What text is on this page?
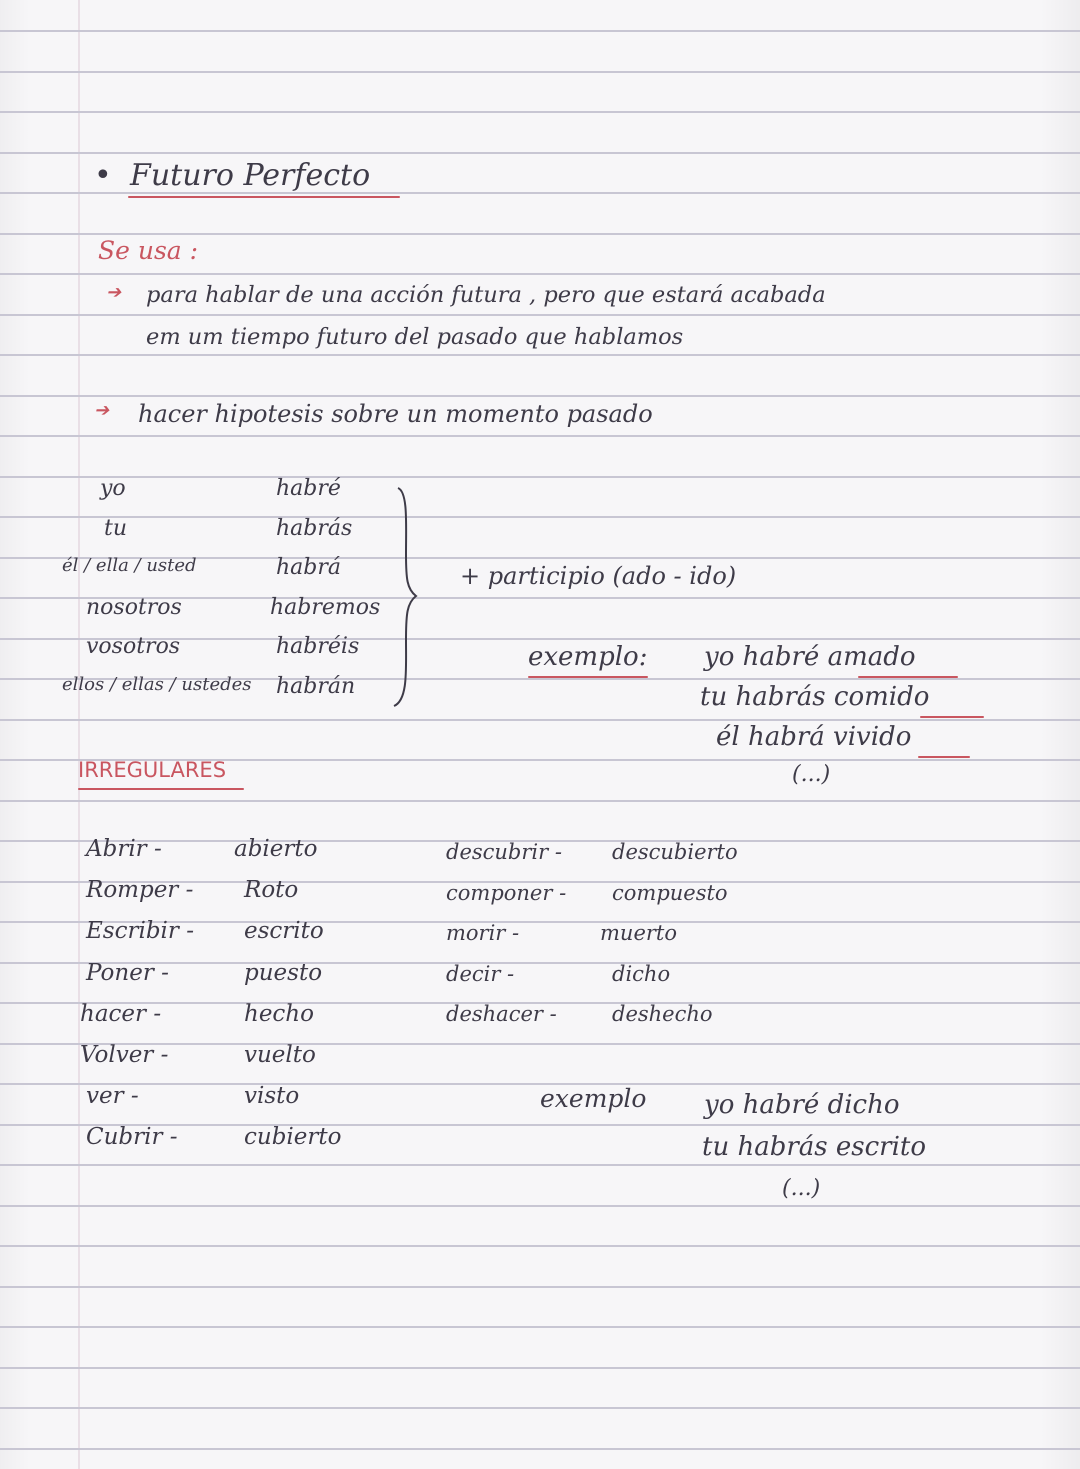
• Futuro Perfecto
Se usa :
➔ para hablar de una acción futura , pero que estará acabada
em um tiempo futuro del pasado que hablamos
➔ hacer hipotesis sobre un momento pasado
yo	habré
tu	habrás
él / ella / usted	habrá
nosotros	habremos
vosotros	habréis
ellos / ellas / ustedes habrán
+ participio (ado - ido)
exemplo: yo habré amado
tu habrás comido
él habrá vivido
(...)
IRREGULARES
Abrir -	abierto
Romper - Roto
Escribir - escrito
Poner -	puesto
hacer -	hecho
Volver -	vuelto
ver -	visto
Cubrir -	cubierto
descubrir - descubierto
componer - compuesto
morir -	muerto
decir -	dicho
deshacer -	deshecho
exemplo yo habré dicho
tu habrás escrito
(...)
